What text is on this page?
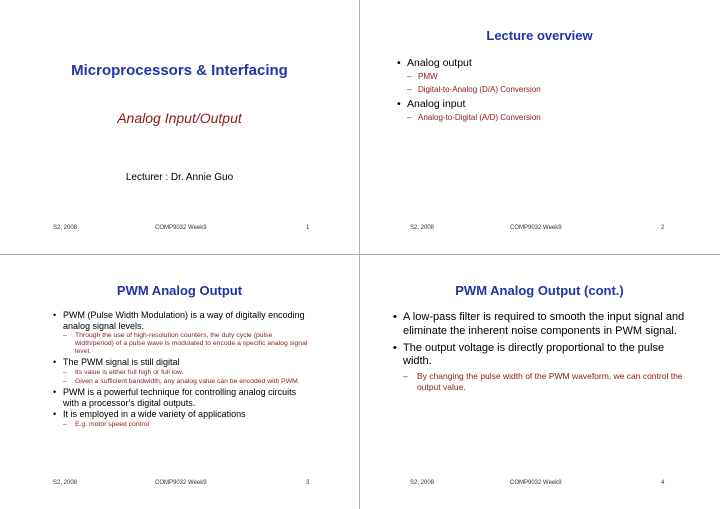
Microprocessors & Interfacing
Analog Input/Output
Lecturer : Dr. Annie Guo
S2, 2008	COMP9032 Week9	1
Lecture overview
• Analog output
– PMW
– Digital-to-Analog (D/A) Conversion
• Analog input
– Analog-to-Digital (A/D) Conversion
S2, 2008	COMP9032 Week9	2
PWM Analog Output
• PWM (Pulse Width Modulation) is a way of digitally encoding analog signal levels.
– Through the use of high-resolution counters, the duty cycle (pulse width/period) of a pulse wave is modulated to encode a specific analog signal level.
• The PWM signal is still digital
– Its value is either full high or full low.
– Given a sufficient bandwidth, any analog value can be encoded with PWM.
• PWM is a powerful technique for controlling analog circuits with a processor's digital outputs.
• It is employed in a wide variety of applications
– E.g. motor speed control
S2, 2008	COMP9032 Week9	3
PWM Analog Output (cont.)
• A low-pass filter is required to smooth the input signal and eliminate the inherent noise components in PWM signal.
• The output voltage is directly proportional to the pulse width.
– By changing the pulse width of the PWM waveform, we can control the output value.
S2, 2008	COMP9032 Week9	4
